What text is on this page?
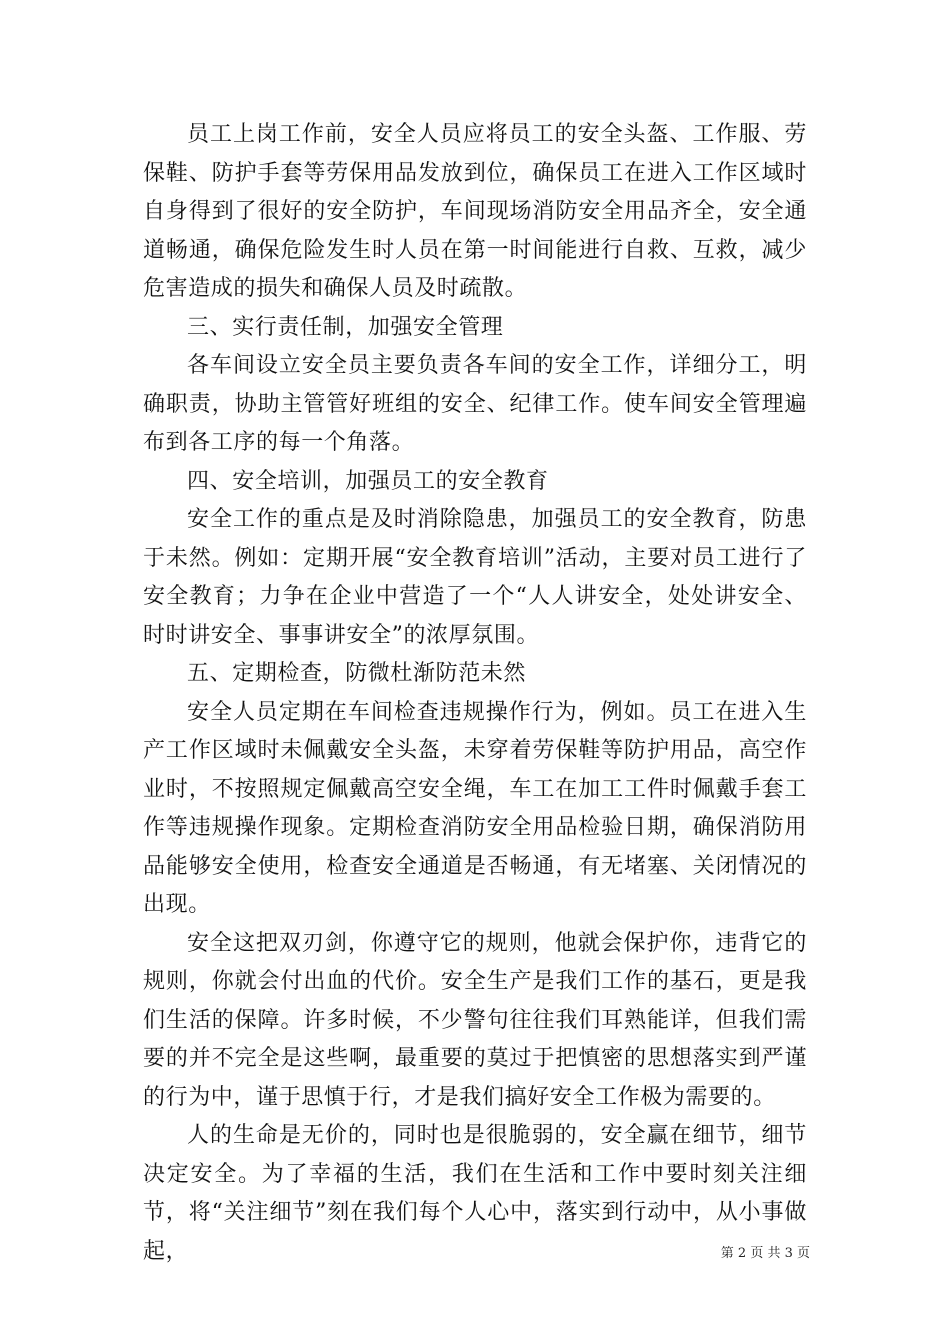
员工上岗工作前，安全人员应将员工的安全头盔、工作服、劳保鞋、防护手套等劳保用品发放到位，确保员工在进入工作区域时自身得到了很好的安全防护，车间现场消防安全用品齐全，安全通道畅通，确保危险发生时人员在第一时间能进行自救、互救，减少危害造成的损失和确保人员及时疏散。

三、实行责任制，加强安全管理

各车间设立安全员主要负责各车间的安全工作，详细分工，明确职责，协助主管管好班组的安全、纪律工作。使车间安全管理遍布到各工序的每一个角落。

四、安全培训，加强员工的安全教育

安全工作的重点是及时消除隐患，加强员工的安全教育，防患于未然。例如：定期开展“安全教育培训”活动，主要对员工进行了安全教育；力争在企业中营造了一个“人人讲安全，处处讲安全、时时讲安全、事事讲安全”的浓厚氛围。

五、定期检查，防微杜渐防范未然

安全人员定期在车间检查违规操作行为，例如。员工在进入生产工作区域时未佩戴安全头盔，未穿着劳保鞋等防护用品，高空作业时，不按照规定佩戴高空安全绳，车工在加工工件时佩戴手套工作等违规操作现象。定期检查消防安全用品检验日期，确保消防用品能够安全使用，检查安全通道是否畅通，有无堵塞、关闭情况的出现。

安全这把双刃剑，你遵守它的规则，他就会保护你，违背它的规则，你就会付出血的代价。安全生产是我们工作的基石，更是我们生活的保障。许多时候，不少警句往往我们耳熟能详，但我们需要的并不完全是这些啊，最重要的莫过于把慎密的思想落实到严谨的行为中，谨于思慎于行，才是我们搞好安全工作极为需要的。

人的生命是无价的，同时也是很脆弱的，安全赢在细节，细节决定安全。为了幸福的生活，我们在生活和工作中要时刻关注细节，将“关注细节”刻在我们每个人心中，落实到行动中，从小事做起，	第 2 页 共 3 页
